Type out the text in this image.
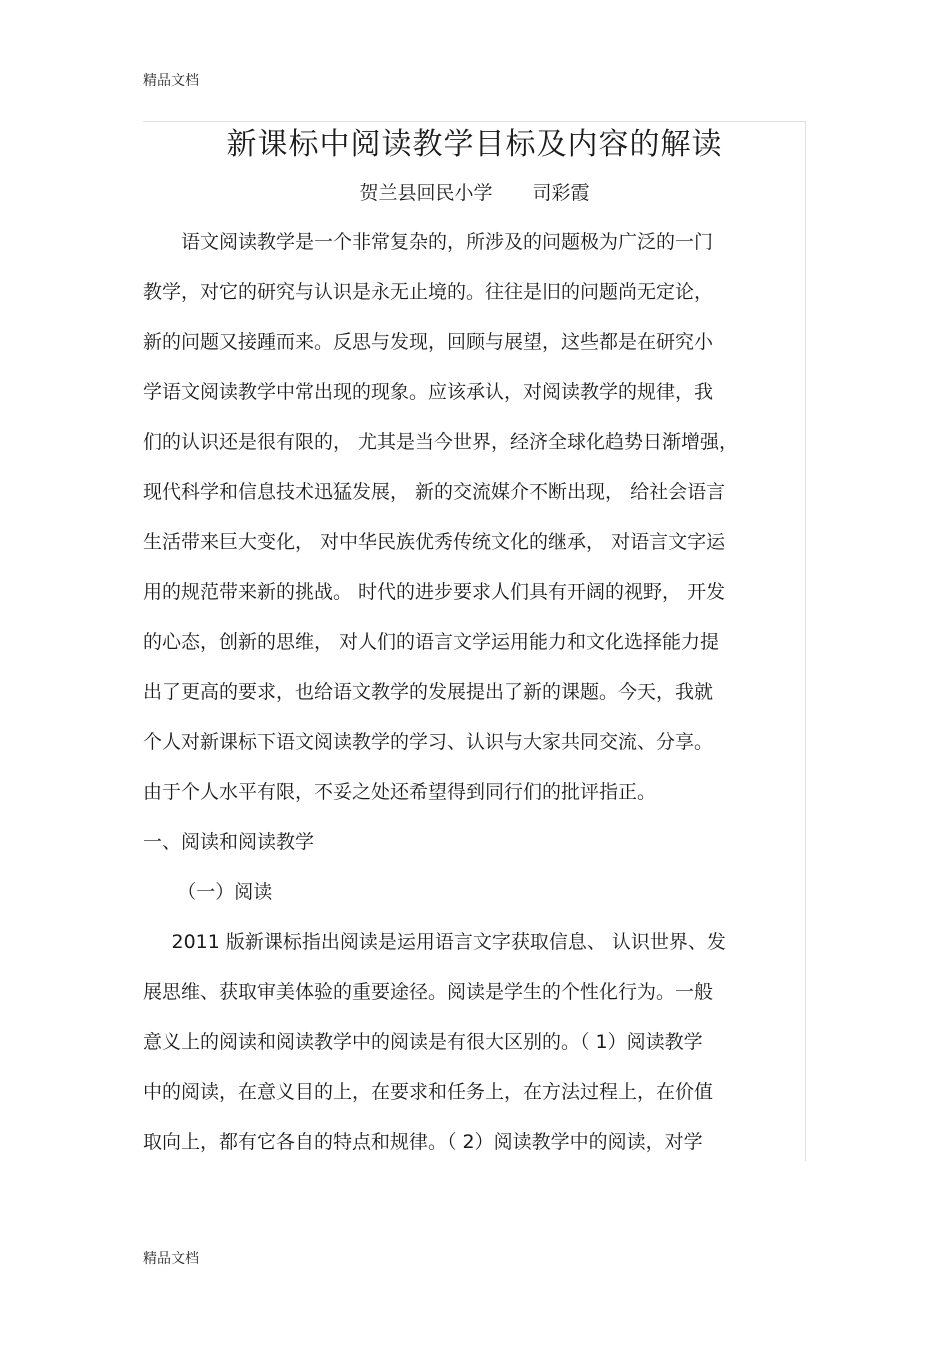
精品文档
新课标中阅读教学目标及内容的解读
贺兰县回民小学 司彩霞
语文阅读教学是一个非常复杂的，所涉及的问题极为广泛的一门
教学，对它的研究与认识是永无止境的。往往是旧的问题尚无定论，
新的问题又接踵而来。反思与发现，回顾与展望，这些都是在研究小
学语文阅读教学中常出现的现象。应该承认，对阅读教学的规律，我
们的认识还是很有限的， 尤其是当今世界，经济全球化趋势日渐增强，
现代科学和信息技术迅猛发展， 新的交流媒介不断出现， 给社会语言
生活带来巨大变化， 对中华民族优秀传统文化的继承， 对语言文字运
用的规范带来新的挑战。 时代的进步要求人们具有开阔的视野， 开发
的心态，创新的思维， 对人们的语言文学运用能力和文化选择能力提
出了更高的要求，也给语文教学的发展提出了新的课题。今天，我就
个人对新课标下语文阅读教学的学习、认识与大家共同交流、分享。
由于个人水平有限，不妥之处还希望得到同行们的批评指正。
一、阅读和阅读教学
（一）阅读
2011 版新课标指出阅读是运用语言文字获取信息、 认识世界、发
展思维、获取审美体验的重要途径。阅读是学生的个性化行为。一般
意义上的阅读和阅读教学中的阅读是有很大区别的。（ 1）阅读教学
中的阅读，在意义目的上，在要求和任务上，在方法过程上，在价值
取向上，都有它各自的特点和规律。（ 2）阅读教学中的阅读，对学
精品文档
